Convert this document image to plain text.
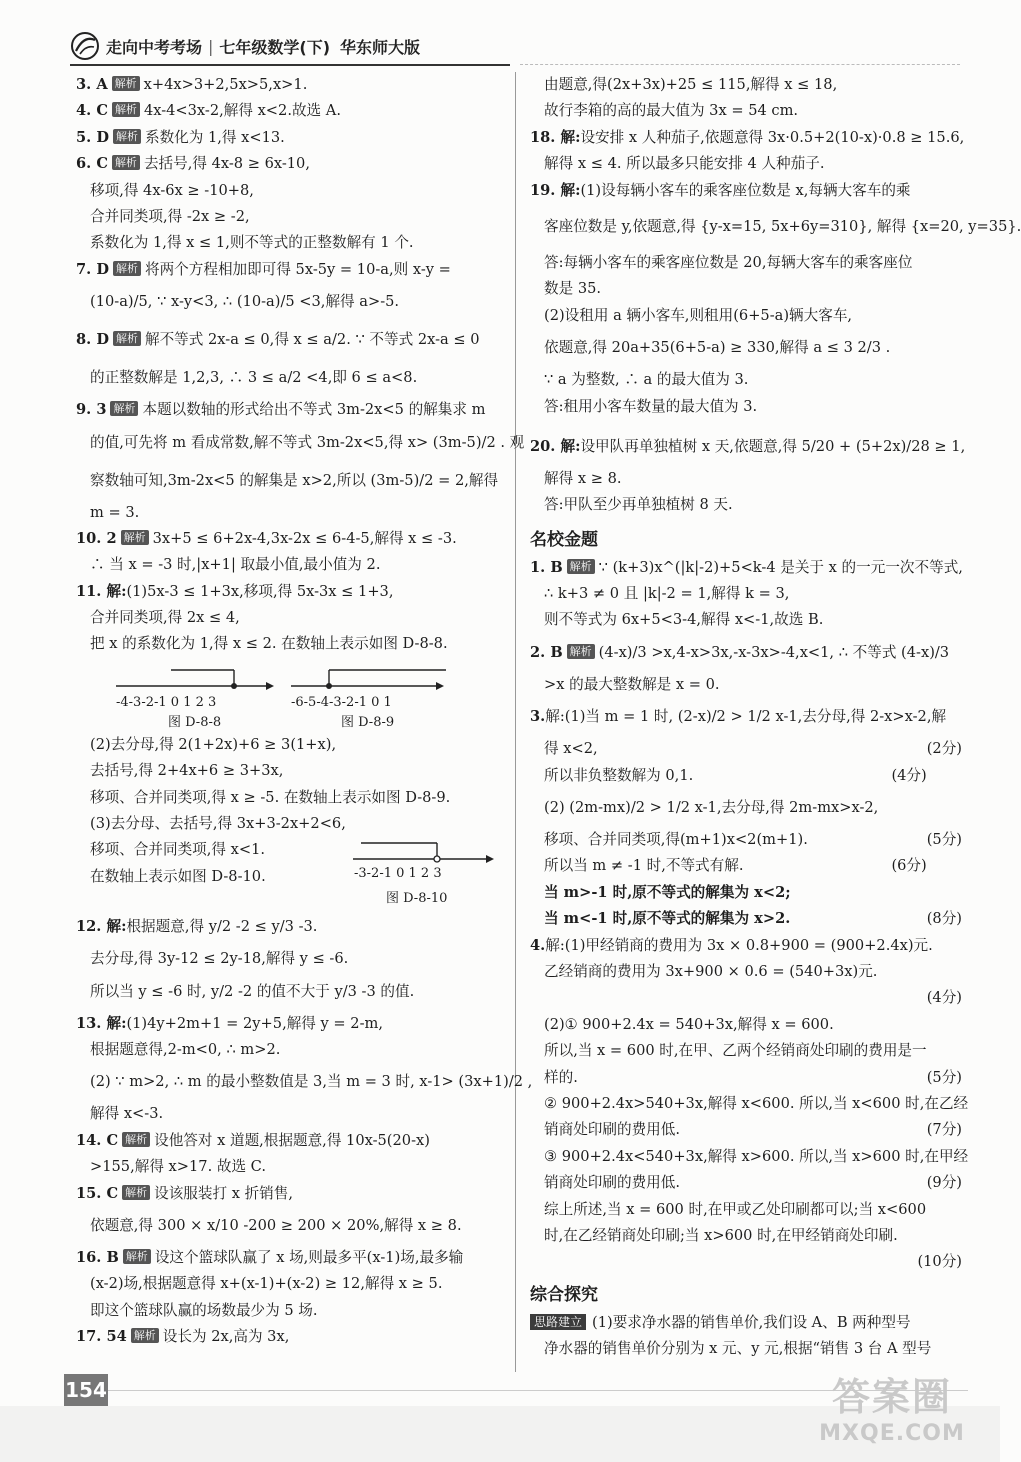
走向中考考场 | 七年级数学(下) 华东师大版
3. A 解析 x+4x>3+2,5x>5,x>1.
4. C 解析 4x-4<3x-2,解得 x<2.故选 A.
5. D 解析 系数化为 1,得 x<13.
6. C 解析 去括号,得 4x-8 ≥ 6x-10,
移项,得 4x-6x ≥ -10+8,
合并同类项,得 -2x ≥ -2,
系数化为 1,得 x ≤ 1,则不等式的正整数解有 1 个.
7. D 解析 将两个方程相加即可得 5x-5y = 10-a,则 x-y =
(10-a)/5, ∵ x-y<3, ∴ (10-a)/5 <3,解得 a>-5.
8. D 解析 解不等式 2x-a ≤ 0,得 x ≤ a/2. ∵ 不等式 2x-a ≤ 0
的正整数解是 1,2,3, ∴ 3 ≤ a/2 <4,即 6 ≤ a<8.
9. 3 解析 本题以数轴的形式给出不等式 3m-2x<5 的解集求 m
的值,可先将 m 看成常数,解不等式 3m-2x<5,得 x> (3m-5)/2 . 观
察数轴可知,3m-2x<5 的解集是 x>2,所以 (3m-5)/2 = 2,解得
m = 3.
10. 2 解析 3x+5 ≤ 6+2x-4,3x-2x ≤ 6-4-5,解得 x ≤ -3.
∴ 当 x = -3 时,|x+1| 取最小值,最小值为 2.
11. 解:(1)5x-3 ≤ 1+3x,移项,得 5x-3x ≤ 1+3,
合并同类项,得 2x ≤ 4,
把 x 的系数化为 1,得 x ≤ 2. 在数轴上表示如图 D-8-8.
-4-3-2-1 0 1 2 3	-6-5-4-3-2-1 0 1
图 D-8-8	图 D-8-9
(2)去分母,得 2(1+2x)+6 ≥ 3(1+x),
去括号,得 2+4x+6 ≥ 3+3x,
移项、合并同类项,得 x ≥ -5. 在数轴上表示如图 D-8-9.
(3)去分母、去括号,得 3x+3-2x+2<6,
移项、合并同类项,得 x<1.
在数轴上表示如图 D-8-10.	-3-2-1 0 1 2 3
图 D-8-10
12. 解:根据题意,得 y/2 -2 ≤ y/3 -3.
去分母,得 3y-12 ≤ 2y-18,解得 y ≤ -6.
所以当 y ≤ -6 时, y/2 -2 的值不大于 y/3 -3 的值.
13. 解:(1)4y+2m+1 = 2y+5,解得 y = 2-m,
根据题意得,2-m<0, ∴ m>2.
(2) ∵ m>2, ∴ m 的最小整数值是 3,当 m = 3 时, x-1> (3x+1)/2 ,
解得 x<-3.
14. C 解析 设他答对 x 道题,根据题意,得 10x-5(20-x)
>155,解得 x>17. 故选 C.
15. C 解析 设该服装打 x 折销售,
依题意,得 300 × x/10 -200 ≥ 200 × 20%,解得 x ≥ 8.
16. B 解析 设这个篮球队赢了 x 场,则最多平(x-1)场,最多输
(x-2)场,根据题意得 x+(x-1)+(x-2) ≥ 12,解得 x ≥ 5.
即这个篮球队赢的场数最少为 5 场.
17. 54 解析 设长为 2x,高为 3x,
由题意,得(2x+3x)+25 ≤ 115,解得 x ≤ 18,
故行李箱的高的最大值为 3x = 54 cm.
18. 解:设安排 x 人种茄子,依题意得 3x·0.5+2(10-x)·0.8 ≥ 15.6,
解得 x ≤ 4. 所以最多只能安排 4 人种茄子.
19. 解:(1)设每辆小客车的乘客座位数是 x,每辆大客车的乘
客座位数是 y,依题意,得 {y-x=15, 5x+6y=310}, 解得 {x=20, y=35}.
答:每辆小客车的乘客座位数是 20,每辆大客车的乘客座位
数是 35.
(2)设租用 a 辆小客车,则租用(6+5-a)辆大客车,
依题意,得 20a+35(6+5-a) ≥ 330,解得 a ≤ 3 2/3 .
∵ a 为整数, ∴ a 的最大值为 3.
答:租用小客车数量的最大值为 3.
20. 解:设甲队再单独植树 x 天,依题意,得 5/20 + (5+2x)/28 ≥ 1,
解得 x ≥ 8.
答:甲队至少再单独植树 8 天.
名校金题
1. B 解析 ∵ (k+3)x^(|k|-2)+5<k-4 是关于 x 的一元一次不等式,
∴ k+3 ≠ 0 且 |k|-2 = 1,解得 k = 3,
则不等式为 6x+5<3-4,解得 x<-1,故选 B.
2. B 解析 (4-x)/3 >x,4-x>3x,-x-3x>-4,x<1, ∴ 不等式 (4-x)/3
>x 的最大整数解是 x = 0.
3.解:(1)当 m = 1 时, (2-x)/2 > 1/2 x-1,去分母,得 2-x>x-2,解
得 x<2,	(2分)
所以非负整数解为 0,1.	(4分)
(2) (2m-mx)/2 > 1/2 x-1,去分母,得 2m-mx>x-2,
移项、合并同类项,得(m+1)x<2(m+1).	(5分)
所以当 m ≠ -1 时,不等式有解.	(6分)
当 m>-1 时,原不等式的解集为 x<2;
当 m<-1 时,原不等式的解集为 x>2.	(8分)
4.解:(1)甲经销商的费用为 3x × 0.8+900 = (900+2.4x)元.
乙经销商的费用为 3x+900 × 0.6 = (540+3x)元.
(4分)
(2)① 900+2.4x = 540+3x,解得 x = 600.
所以,当 x = 600 时,在甲、乙两个经销商处印刷的费用是一
样的.	(5分)
② 900+2.4x>540+3x,解得 x<600. 所以,当 x<600 时,在乙经
销商处印刷的费用低.	(7分)
③ 900+2.4x<540+3x,解得 x>600. 所以,当 x>600 时,在甲经
销商处印刷的费用低.	(9分)
综上所述,当 x = 600 时,在甲或乙处印刷都可以;当 x<600
时,在乙经销商处印刷;当 x>600 时,在甲经销商处印刷.
(10分)
综合探究
思路建立 (1)要求净水器的销售单价,我们设 A、B 两种型号
净水器的销售单价分别为 x 元、y 元,根据“销售 3 台 A 型号
154	答案圈
MXQE.COM
